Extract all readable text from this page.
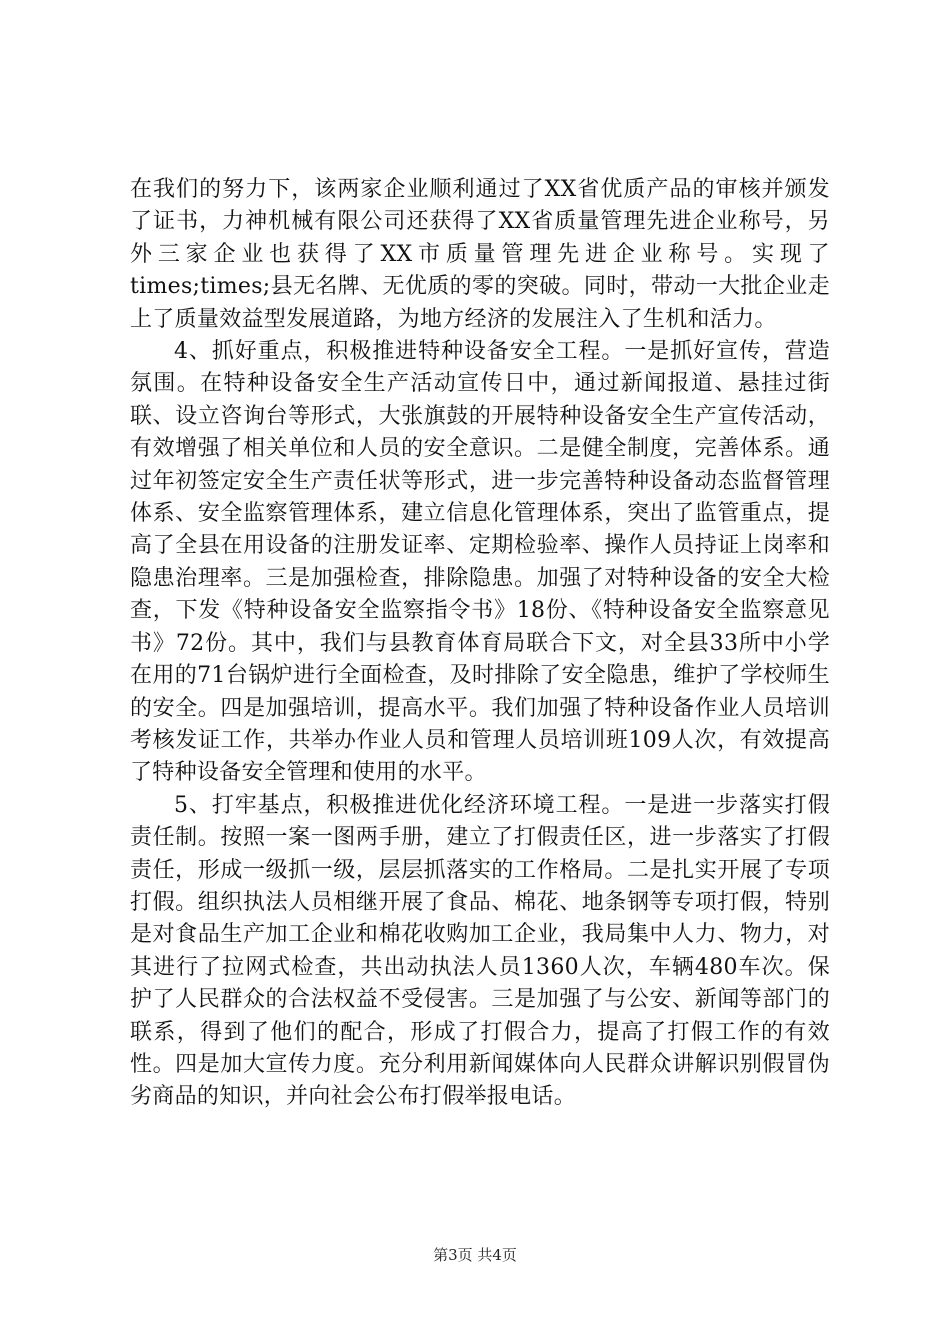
在我们的努力下，该两家企业顺利通过了XX省优质产品的审核并颁发了证书，力神机械有限公司还获得了XX省质量管理先进企业称号，另外三家企业也获得了XX市质量管理先进企业称号。实现了times;times;县无名牌、无优质的零的突破。同时，带动一大批企业走上了质量效益型发展道路，为地方经济的发展注入了生机和活力。

4、抓好重点，积极推进特种设备安全工程。一是抓好宣传，营造氛围。在特种设备安全生产活动宣传日中，通过新闻报道、悬挂过街联、设立咨询台等形式，大张旗鼓的开展特种设备安全生产宣传活动，有效增强了相关单位和人员的安全意识。二是健全制度，完善体系。通过年初签定安全生产责任状等形式，进一步完善特种设备动态监督管理体系、安全监察管理体系，建立信息化管理体系，突出了监管重点，提高了全县在用设备的注册发证率、定期检验率、操作人员持证上岗率和隐患治理率。三是加强检查，排除隐患。加强了对特种设备的安全大检查，下发《特种设备安全监察指令书》18份、《特种设备安全监察意见书》72份。其中，我们与县教育体育局联合下文，对全县33所中小学在用的71台锅炉进行全面检查，及时排除了安全隐患，维护了学校师生的安全。四是加强培训，提高水平。我们加强了特种设备作业人员培训考核发证工作，共举办作业人员和管理人员培训班109人次，有效提高了特种设备安全管理和使用的水平。

5、打牢基点，积极推进优化经济环境工程。一是进一步落实打假责任制。按照一案一图两手册，建立了打假责任区，进一步落实了打假责任，形成一级抓一级，层层抓落实的工作格局。二是扎实开展了专项打假。组织执法人员相继开展了食品、棉花、地条钢等专项打假，特别是对食品生产加工企业和棉花收购加工企业，我局集中人力、物力，对其进行了拉网式检查，共出动执法人员1360人次，车辆480车次。保护了人民群众的合法权益不受侵害。三是加强了与公安、新闻等部门的联系，得到了他们的配合，形成了打假合力，提高了打假工作的有效性。四是加大宣传力度。充分利用新闻媒体向人民群众讲解识别假冒伪劣商品的知识，并向社会公布打假举报电话。

第3页 共4页
